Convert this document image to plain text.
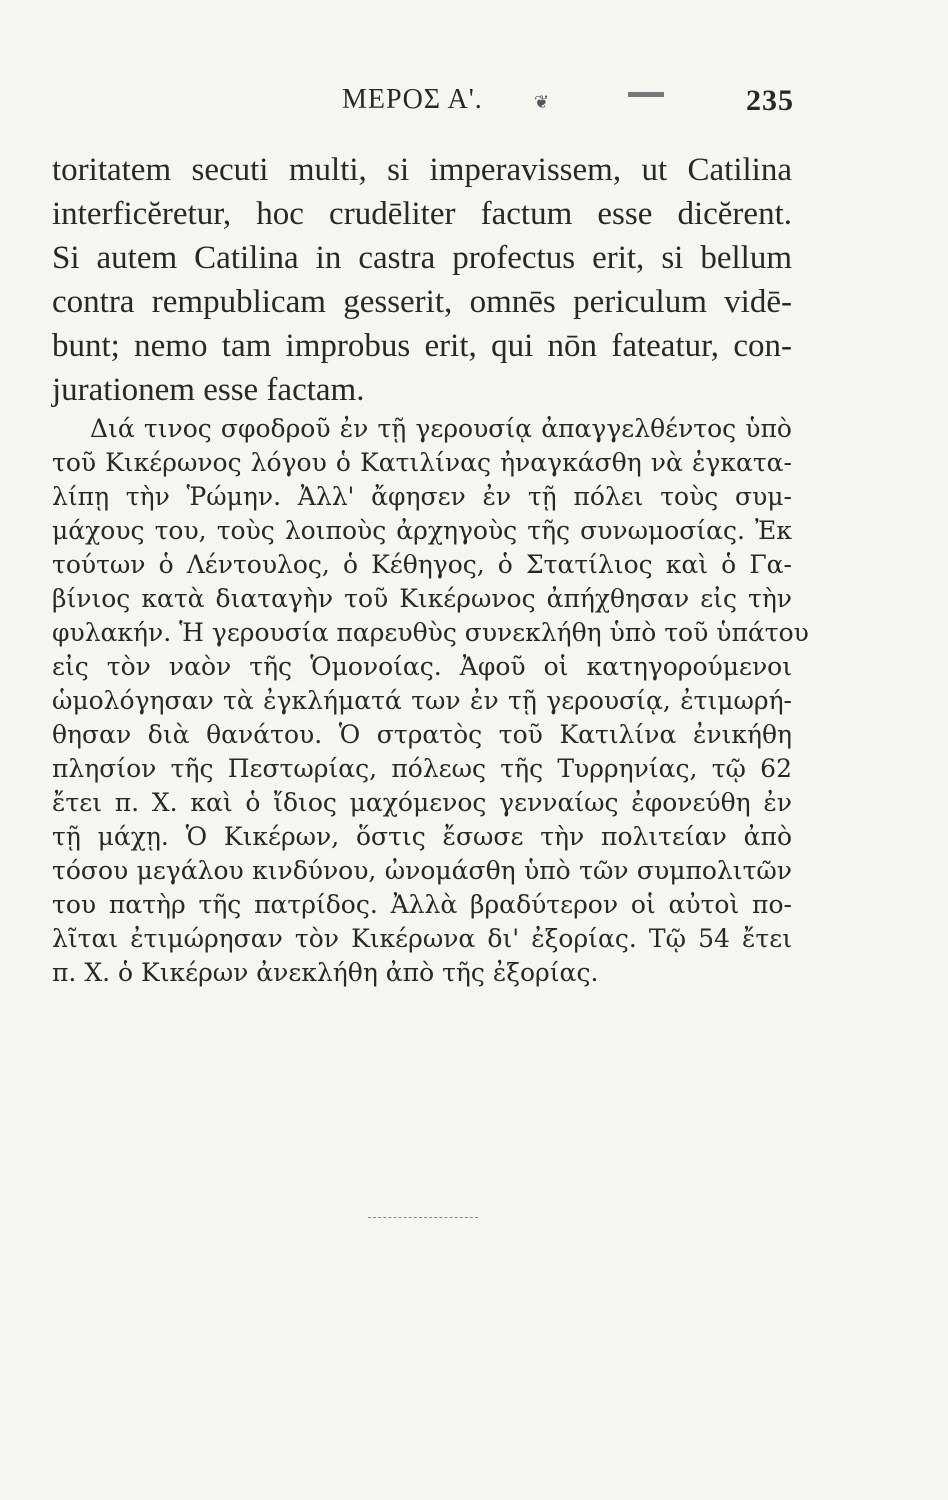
ΜΕΡΟΣ Α'.	❦	235
toritatem secuti multi, si imperavissem, ut Catilina
interficĕretur, hoc crudēliter factum esse dicĕrent.
Si autem Catilina in castra profectus erit, si bellum
contra rempublicam gesserit, omnēs periculum vidē-
bunt; nemo tam improbus erit, qui nōn fateatur, con-
jurationem esse factam.
Διά τινος σφοδροῦ ἐν τῇ γερουσίᾳ ἀπαγγελθέντος ὑπὸ
τοῦ Κικέρωνος λόγου ὁ Κατιλίνας ἠναγκάσθη νὰ ἐγκατα-
λίπῃ τὴν Ῥώμην. Ἀλλ' ἄφησεν ἐν τῇ πόλει τοὺς συμ-
μάχους του, τοὺς λοιποὺς ἀρχηγοὺς τῆς συνωμοσίας. Ἐκ
τούτων ὁ Λέντουλος, ὁ Κέθηγος, ὁ Στατίλιος καὶ ὁ Γα-
βίνιος κατὰ διαταγὴν τοῦ Κικέρωνος ἀπήχθησαν εἰς τὴν
φυλακήν. Ἡ γερουσία παρευθὺς συνεκλήθη ὑπὸ τοῦ ὑπάτου
εἰς τὸν ναὸν τῆς Ὁμονοίας. Ἀφοῦ οἱ κατηγορούμενοι
ὡμολόγησαν τὰ ἐγκλήματά των ἐν τῇ γερουσίᾳ, ἐτιμωρή-
θησαν διὰ θανάτου. Ὁ στρατὸς τοῦ Κατιλίνα ἐνικήθη
πλησίον τῆς Πεστωρίας, πόλεως τῆς Τυρρηνίας, τῷ 62
ἔτει π. Χ. καὶ ὁ ἴδιος μαχόμενος γενναίως ἐφονεύθη ἐν
τῇ μάχῃ. Ὁ Κικέρων, ὅστις ἔσωσε τὴν πολιτείαν ἀπὸ
τόσου μεγάλου κινδύνου, ὠνομάσθη ὑπὸ τῶν συμπολιτῶν
του πατὴρ τῆς πατρίδος. Ἀλλὰ βραδύτερον οἱ αὐτοὶ πο-
λῖται ἐτιμώρησαν τὸν Κικέρωνα δι' ἐξορίας. Τῷ 54 ἔτει
π. Χ. ὁ Κικέρων ἀνεκλήθη ἀπὸ τῆς ἐξορίας.
